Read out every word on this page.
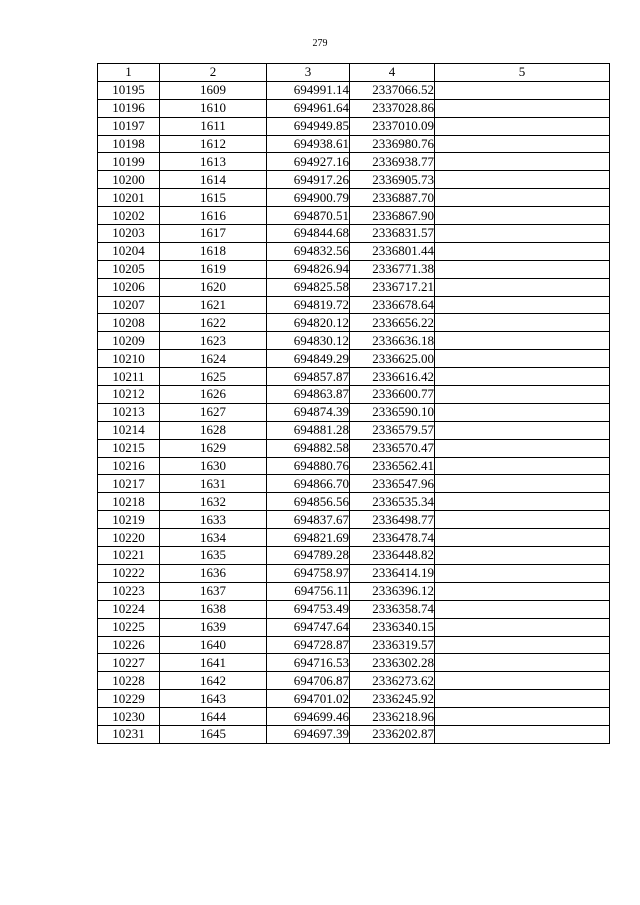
279
1	2	3	4	5
10195	1609	694991.14	2337066.52	
10196	1610	694961.64	2337028.86	
10197	1611	694949.85	2337010.09	
10198	1612	694938.61	2336980.76	
10199	1613	694927.16	2336938.77	
10200	1614	694917.26	2336905.73	
10201	1615	694900.79	2336887.70	
10202	1616	694870.51	2336867.90	
10203	1617	694844.68	2336831.57	
10204	1618	694832.56	2336801.44	
10205	1619	694826.94	2336771.38	
10206	1620	694825.58	2336717.21	
10207	1621	694819.72	2336678.64	
10208	1622	694820.12	2336656.22	
10209	1623	694830.12	2336636.18	
10210	1624	694849.29	2336625.00	
10211	1625	694857.87	2336616.42	
10212	1626	694863.87	2336600.77	
10213	1627	694874.39	2336590.10	
10214	1628	694881.28	2336579.57	
10215	1629	694882.58	2336570.47	
10216	1630	694880.76	2336562.41	
10217	1631	694866.70	2336547.96	
10218	1632	694856.56	2336535.34	
10219	1633	694837.67	2336498.77	
10220	1634	694821.69	2336478.74	
10221	1635	694789.28	2336448.82	
10222	1636	694758.97	2336414.19	
10223	1637	694756.11	2336396.12	
10224	1638	694753.49	2336358.74	
10225	1639	694747.64	2336340.15	
10226	1640	694728.87	2336319.57	
10227	1641	694716.53	2336302.28	
10228	1642	694706.87	2336273.62	
10229	1643	694701.02	2336245.92	
10230	1644	694699.46	2336218.96	
10231	1645	694697.39	2336202.87	
